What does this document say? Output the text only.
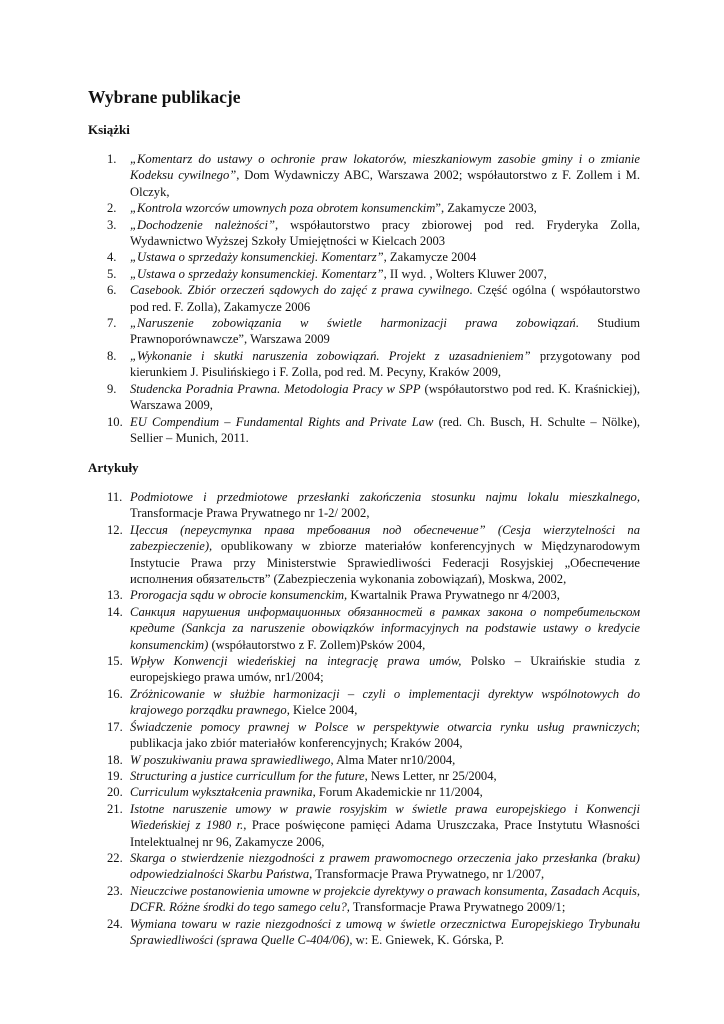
Wybrane publikacje
Książki
1. „Komentarz do ustawy o ochronie praw lokatorów, mieszkaniowym zasobie gminy i o zmianie Kodeksu cywilnego”, Dom Wydawniczy ABC, Warszawa 2002; współautorstwo z F. Zollem i M. Olczyk,
2. „Kontrola wzorców umownych poza obrotem konsumenckim”, Zakamycze 2003,
3. „Dochodzenie należności”, współautorstwo pracy zbiorowej pod red. Fryderyka Zolla, Wydawnictwo Wyższej Szkoły Umiejętności w Kielcach 2003
4. „Ustawa o sprzedaży konsumenckiej. Komentarz”, Zakamycze 2004
5. „Ustawa o sprzedaży konsumenckiej. Komentarz”, II wyd. , Wolters Kluwer 2007,
6. Casebook. Zbiór orzeczeń sądowych do zajęć z prawa cywilnego. Część ogólna ( współautorstwo pod red. F. Zolla), Zakamycze 2006
7. „Naruszenie zobowiązania w świetle harmonizacji prawa zobowiązań. Studium Prawnoporównawcze”, Warszawa 2009
8. „Wykonanie i skutki naruszenia zobowiązań. Projekt z uzasadnieniem” przygotowany pod kierunkiem J. Pisulińskiego i F. Zolla, pod red. M. Pecyny, Kraków 2009,
9. Studencka Poradnia Prawna. Metodologia Pracy w SPP (współautorstwo pod red. K. Kraśnickiej), Warszawa 2009,
10. EU Compendium – Fundamental Rights and Private Law (red. Ch. Busch, H. Schulte – Nölke), Sellier – Munich, 2011.
Artykuły
11. Podmiotowe i przedmiotowe przesłanki zakończenia stosunku najmu lokalu mieszkalnego, Transformacje Prawa Prywatnego nr 1-2/ 2002,
12. Цессия (переуступка права требования под обеспечение” (Cesja wierzytelności na zabezpieczenie), opublikowany w zbiorze materiałów konferencyjnych w Międzynarodowym Instytucie Prawa przy Ministerstwie Sprawiedliwości Federacji Rosyjskiej „Обеспечение исполнения обязательств” (Zabezpieczenia wykonania zobowiązań), Moskwa, 2002,
13. Prorogacja sądu w obrocie konsumenckim, Kwartalnik Prawa Prywatnego nr 4/2003,
14. Санкция нарушения информационных обязанностей в рамках закона о потребительском кредите (Sankcja za naruszenie obowiązków informacyjnych na podstawie ustawy o kredycie konsumenckim) (współautorstwo z F. Zollem)Psków 2004,
15. Wpływ Konwencji wiedeńskiej na integrację prawa umów, Polsko – Ukraińskie studia z europejskiego prawa umów, nr1/2004;
16. Zróżnicowanie w służbie harmonizacji – czyli o implementacji dyrektyw wspólnotowych do krajowego porządku prawnego, Kielce 2004,
17. Świadczenie pomocy prawnej w Polsce w perspektywie otwarcia rynku usług prawniczych; publikacja jako zbiór materiałów konferencyjnych; Kraków 2004,
18. W poszukiwaniu prawa sprawiedliwego, Alma Mater nr10/2004,
19. Structuring a justice curricullum for the future, News Letter, nr 25/2004,
20. Curriculum wykształcenia prawnika, Forum Akademickie nr 11/2004,
21. Istotne naruszenie umowy w prawie rosyjskim w świetle prawa europejskiego i Konwencji Wiedeńskiej z 1980 r., Prace poświęcone pamięci Adama Uruszczaka, Prace Instytutu Własności Intelektualnej nr 96, Zakamycze 2006,
22. Skarga o stwierdzenie niezgodności z prawem prawomocnego orzeczenia jako przesłanka (braku) odpowiedzialności Skarbu Państwa, Transformacje Prawa Prywatnego, nr 1/2007,
23. Nieuczciwe postanowienia umowne w projekcie dyrektywy o prawach konsumenta, Zasadach Acquis, DCFR. Różne środki do tego samego celu?, Transformacje Prawa Prywatnego 2009/1;
24. Wymiana towaru w razie niezgodności z umową w świetle orzecznictwa Europejskiego Trybunału Sprawiedliwości (sprawa Quelle C-404/06), w: E. Gniewek, K. Górska, P.
